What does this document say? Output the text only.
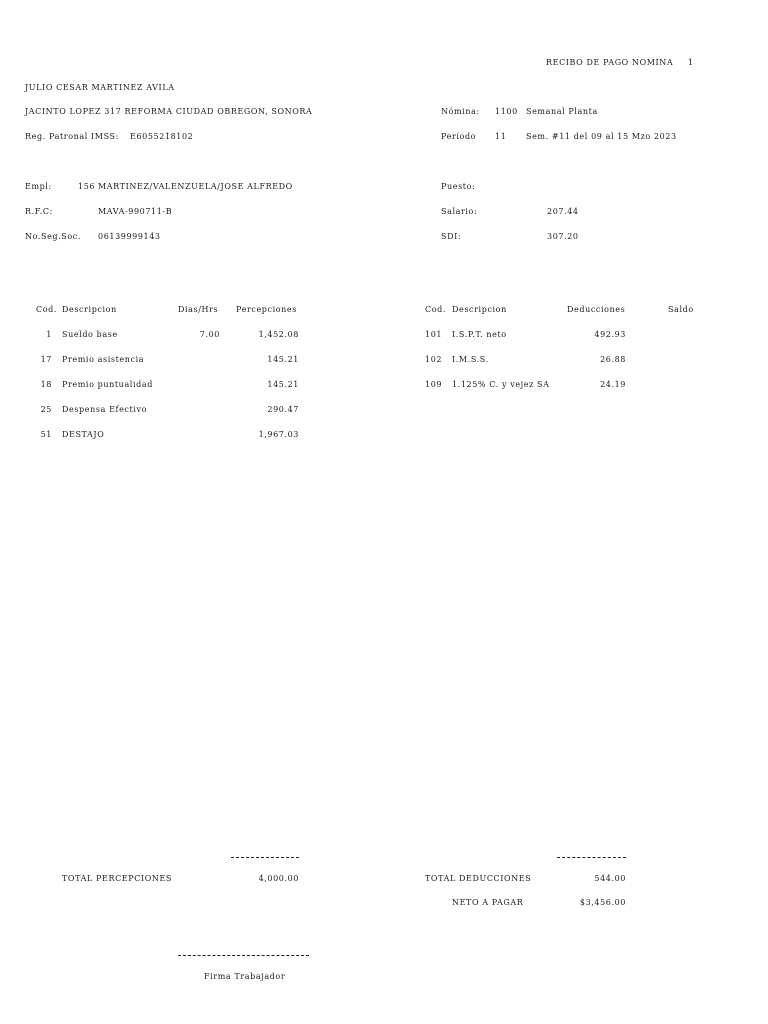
RECIBO DE PAGO NOMINA 1
JULIO CESAR MARTINEZ AVILA
JACINTO LOPEZ 317 REFORMA CIUDAD OBREGON, SONORA	Nómina: 1100 Semanal Planta
Reg. Patronal IMSS: E6055218102	Período 11 Sem. #11 del 09 al 15 Mzo 2023
Empl:	156 MARTINEZ/VALENZUELA/JOSE ALFREDO	Puesto:
R.F.C:	MAVA-990711-B	Salario:	207.44
No.Seg.Soc. 06139999143	SDI:	307.20
Cod. Descripcion	Dias/Hrs Percepciones
1 Sueldo base	7.00	1,452.08
17 Premio asistencia	145.21
18 Premio puntualidad	145.21
25 Despensa Efectivo	290.47
51 DESTAJO	1,967.03
Cod. Descripcion	Deducciones	Saldo
101 I.S.P.T. neto	492.93
102 I.M.S.S.	26.88
109 1.125% C. y vejez SA	24.19
TOTAL PERCEPCIONES	4,000.00	TOTAL DEDUCCIONES	544.00
NETO A PAGAR	$3,456.00
Firma Trabajador
